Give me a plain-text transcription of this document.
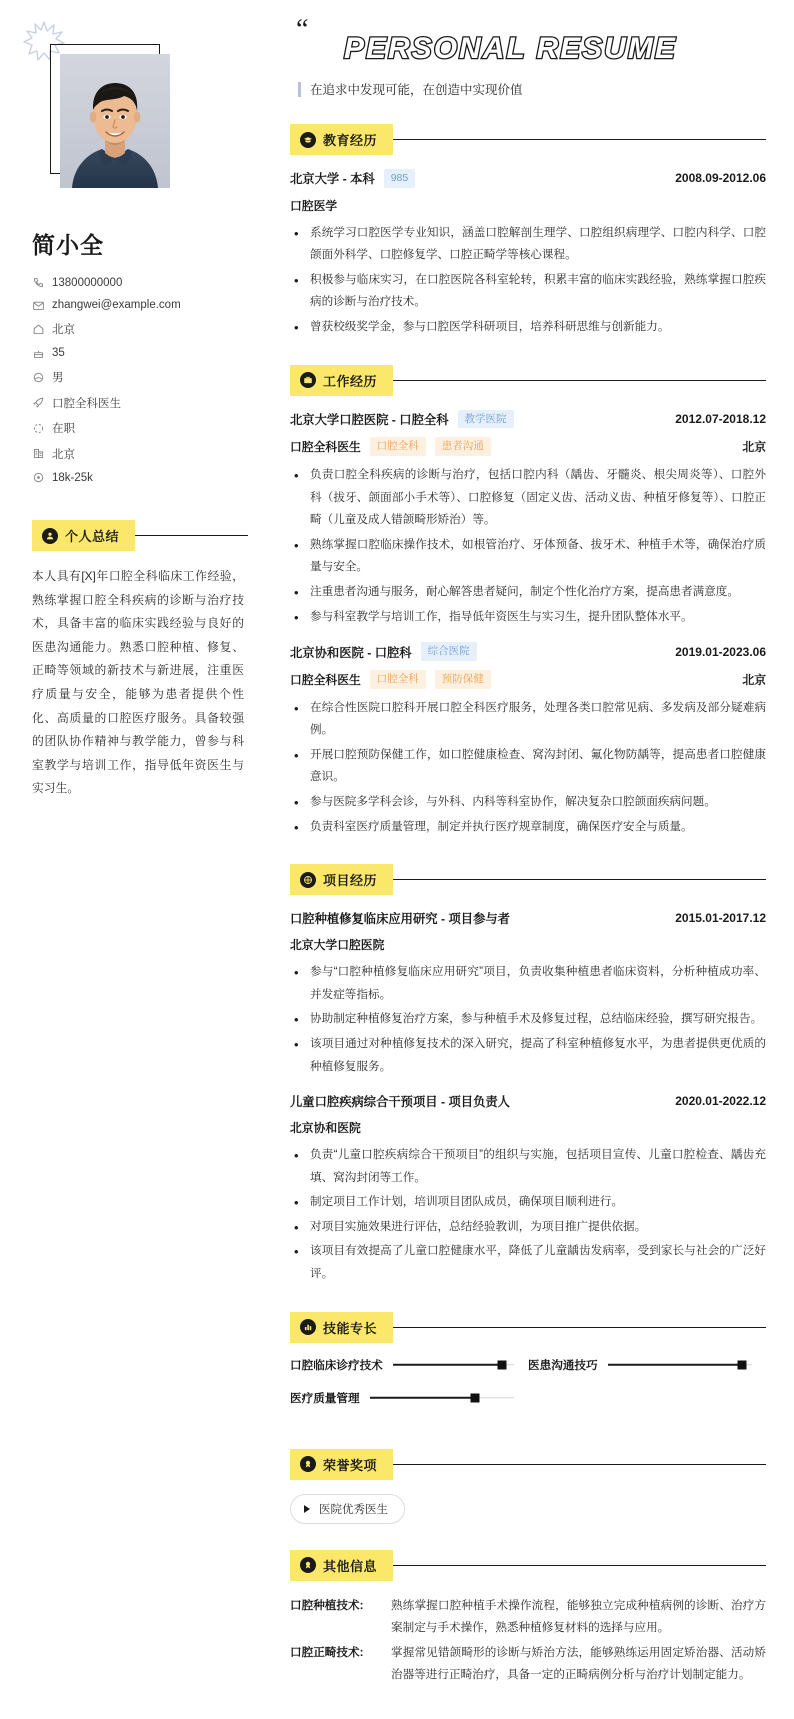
简小全
13800000000
zhangwei@example.com
北京
35
男
口腔全科医生
在职
北京
18k-25k
个人总结

本人具有[X]年口腔全科临床工作经验，熟练掌握口腔全科疾病的诊断与治疗技术，具备丰富的临床实践经验与良好的医患沟通能力。熟悉口腔种植、修复、正畸等领域的新技术与新进展，注重医疗质量与安全，能够为患者提供个性化、高质量的口腔医疗服务。具备较强的团队协作精神与教学能力，曾参与科室教学与培训工作，指导低年资医生与实习生。

“
PERSONAL RESUME
在追求中发现可能，在创造中实现价值
教育经历
北京大学 - 本科	985	2008.09-2012.06
口腔医学
• 系统学习口腔医学专业知识，涵盖口腔解剖生理学、口腔组织病理学、口腔内科学、口腔颌面外科学、口腔修复学、口腔正畸学等核心课程。
• 积极参与临床实习，在口腔医院各科室轮转，积累丰富的临床实践经验，熟练掌握口腔疾病的诊断与治疗技术。
• 曾获校级奖学金，参与口腔医学科研项目，培养科研思维与创新能力。
工作经历
北京大学口腔医院 - 口腔全科	教学医院	2012.07-2018.12
口腔全科医生	口腔全科	患者沟通	北京
• 负责口腔全科疾病的诊断与治疗，包括口腔内科（龋齿、牙髓炎、根尖周炎等）、口腔外科（拔牙、颌面部小手术等）、口腔修复（固定义齿、活动义齿、种植牙修复等）、口腔正畸（儿童及成人错颌畸形矫治）等。
• 熟练掌握口腔临床操作技术，如根管治疗、牙体预备、拔牙术、种植手术等，确保治疗质量与安全。
• 注重患者沟通与服务，耐心解答患者疑问，制定个性化治疗方案，提高患者满意度。
• 参与科室教学与培训工作，指导低年资医生与实习生，提升团队整体水平。
北京协和医院 - 口腔科	综合医院	2019.01-2023.06
口腔全科医生	口腔全科	预防保健	北京
• 在综合性医院口腔科开展口腔全科医疗服务，处理各类口腔常见病、多发病及部分疑难病例。
• 开展口腔预防保健工作，如口腔健康检查、窝沟封闭、氟化物防龋等，提高患者口腔健康意识。
• 参与医院多学科会诊，与外科、内科等科室协作，解决复杂口腔颌面疾病问题。
• 负责科室医疗质量管理，制定并执行医疗规章制度，确保医疗安全与质量。
项目经历
口腔种植修复临床应用研究 - 项目参与者	2015.01-2017.12
北京大学口腔医院
• 参与“口腔种植修复临床应用研究”项目，负责收集种植患者临床资料，分析种植成功率、并发症等指标。
• 协助制定种植修复治疗方案，参与种植手术及修复过程，总结临床经验，撰写研究报告。
• 该项目通过对种植修复技术的深入研究，提高了科室种植修复水平，为患者提供更优质的种植修复服务。
儿童口腔疾病综合干预项目 - 项目负责人	2020.01-2022.12
北京协和医院
• 负责“儿童口腔疾病综合干预项目”的组织与实施，包括项目宣传、儿童口腔检查、龋齿充填、窝沟封闭等工作。
• 制定项目工作计划，培训项目团队成员，确保项目顺利进行。
• 对项目实施效果进行评估，总结经验教训，为项目推广提供依据。
• 该项目有效提高了儿童口腔健康水平，降低了儿童龋齿发病率，受到家长与社会的广泛好评。
技能专长
口腔临床诊疗技术	医患沟通技巧
医疗质量管理
荣誉奖项
医院优秀医生
其他信息
口腔种植技术:	熟练掌握口腔种植手术操作流程，能够独立完成种植病例的诊断、治疗方案制定与手术操作，熟悉种植修复材料的选择与应用。
口腔正畸技术:	掌握常见错颌畸形的诊断与矫治方法，能够熟练运用固定矫治器、活动矫治器等进行正畸治疗，具备一定的正畸病例分析与治疗计划制定能力。
